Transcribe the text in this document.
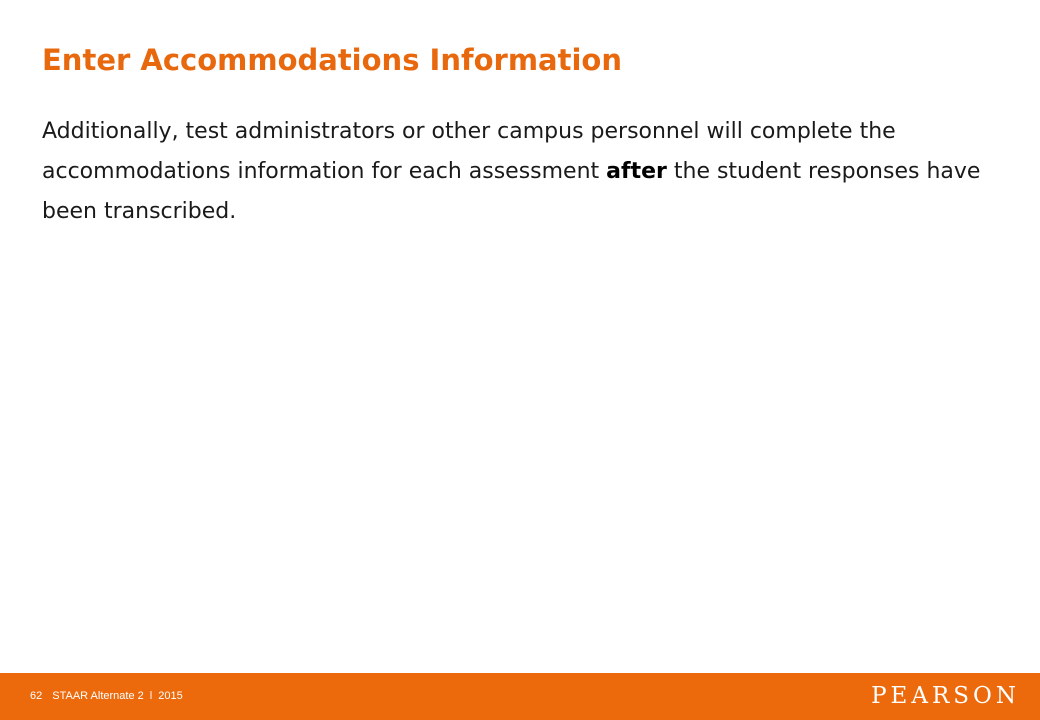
Enter Accommodations Information

Additionally, test administrators or other campus personnel will complete the accommodations information for each assessment after the student responses have been transcribed.

62 STAAR Alternate 2 l 2015	PEARSON
